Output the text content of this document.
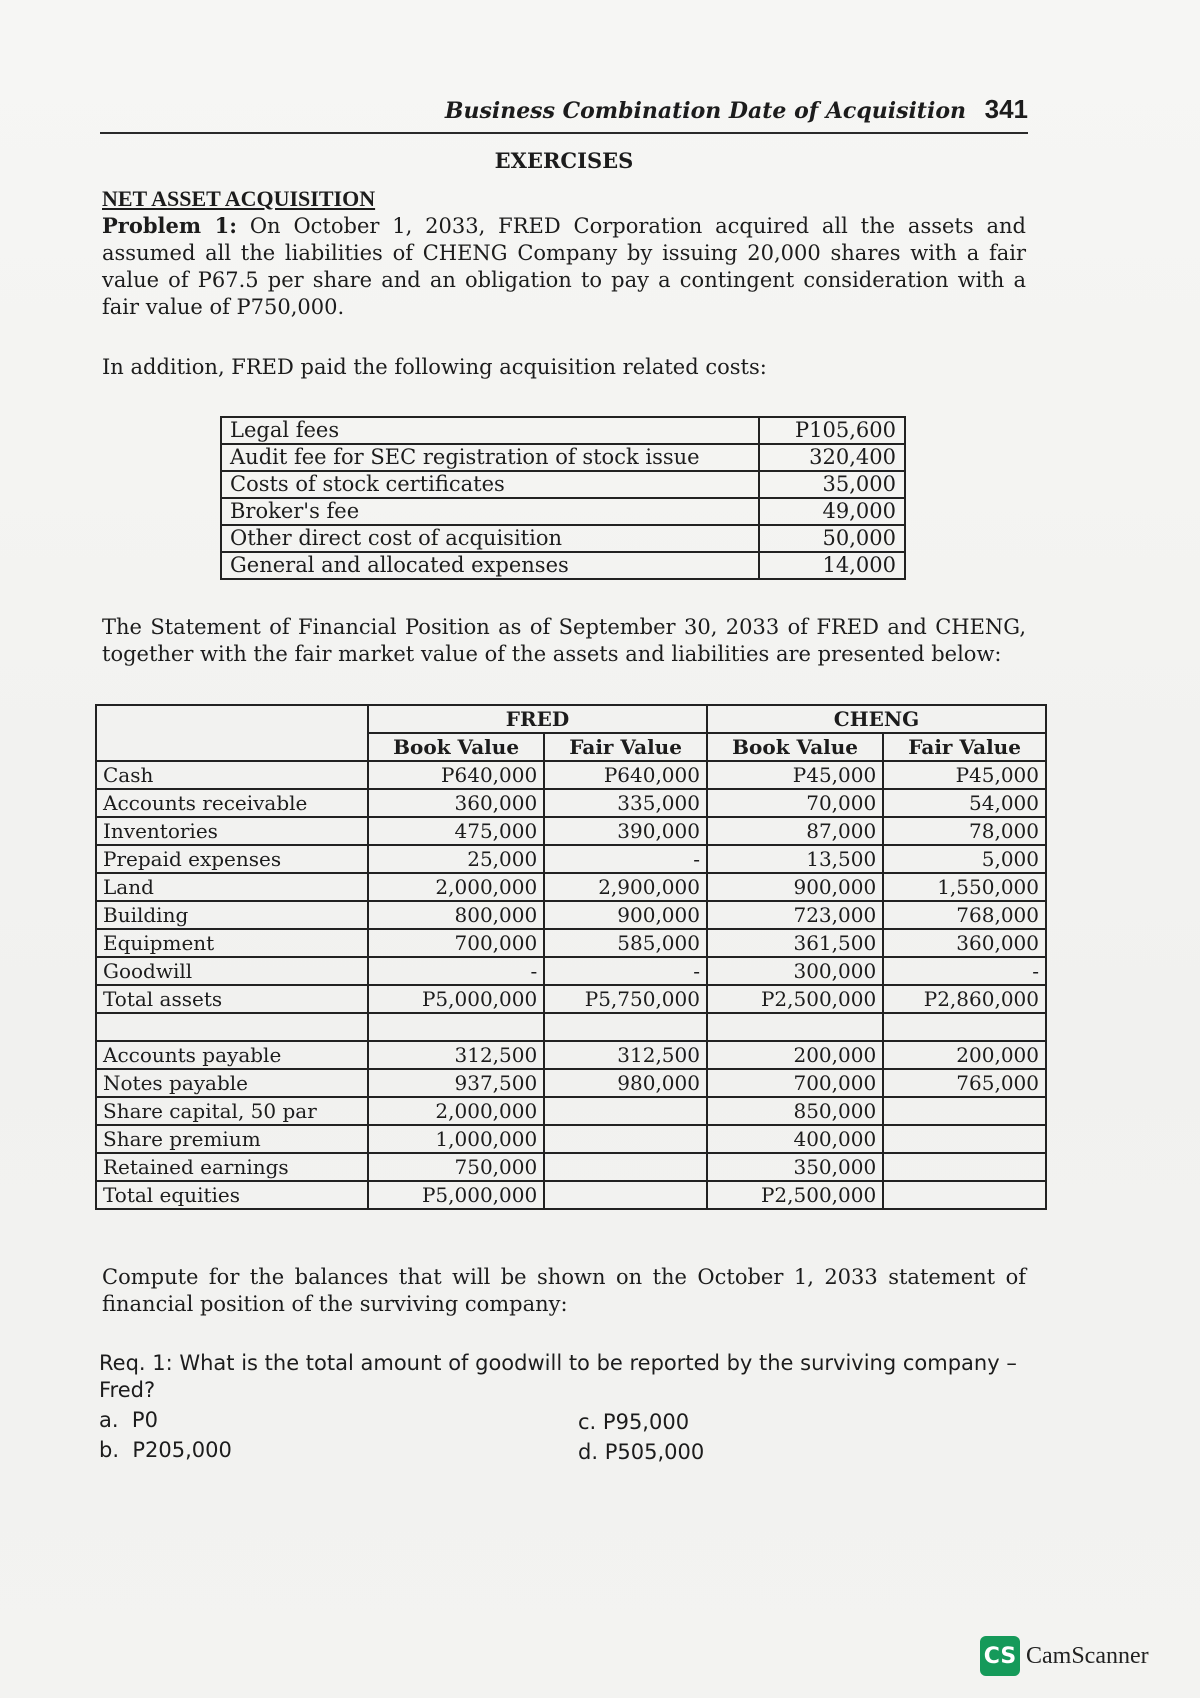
Business Combination Date of Acquisition 341
EXERCISES
NET ASSET ACQUISITION
Problem 1: On October 1, 2033, FRED Corporation acquired all the assets and assumed all the liabilities of CHENG Company by issuing 20,000 shares with a fair value of P67.5 per share and an obligation to pay a contingent consideration with a fair value of P750,000.
In addition, FRED paid the following acquisition related costs:
Legal fees	P105,600
Audit fee for SEC registration of stock issue	320,400
Costs of stock certificates	35,000
Broker's fee	49,000
Other direct cost of acquisition	50,000
General and allocated expenses	14,000
The Statement of Financial Position as of September 30, 2033 of FRED and CHENG, together with the fair market value of the assets and liabilities are presented below:
	FRED		CHENG	
	Book Value	Fair Value	Book Value	Fair Value
Cash	P640,000	P640,000	P45,000	P45,000
Accounts receivable	360,000	335,000	70,000	54,000
Inventories	475,000	390,000	87,000	78,000
Prepaid expenses	25,000	-	13,500	5,000
Land	2,000,000	2,900,000	900,000	1,550,000
Building	800,000	900,000	723,000	768,000
Equipment	700,000	585,000	361,500	360,000
Goodwill	-	-	300,000	-
Total assets	P5,000,000	P5,750,000	P2,500,000	P2,860,000

Accounts payable	312,500	312,500	200,000	200,000
Notes payable	937,500	980,000	700,000	765,000
Share capital, 50 par	2,000,000		850,000	
Share premium	1,000,000		400,000	
Retained earnings	750,000		350,000	
Total equities	P5,000,000		P2,500,000	
Compute for the balances that will be shown on the October 1, 2033 statement of financial position of the surviving company:
Req. 1: What is the total amount of goodwill to be reported by the surviving company – Fred?
a. P0
b. P205,000
c. P95,000
d. P505,000
CS CamScanner
